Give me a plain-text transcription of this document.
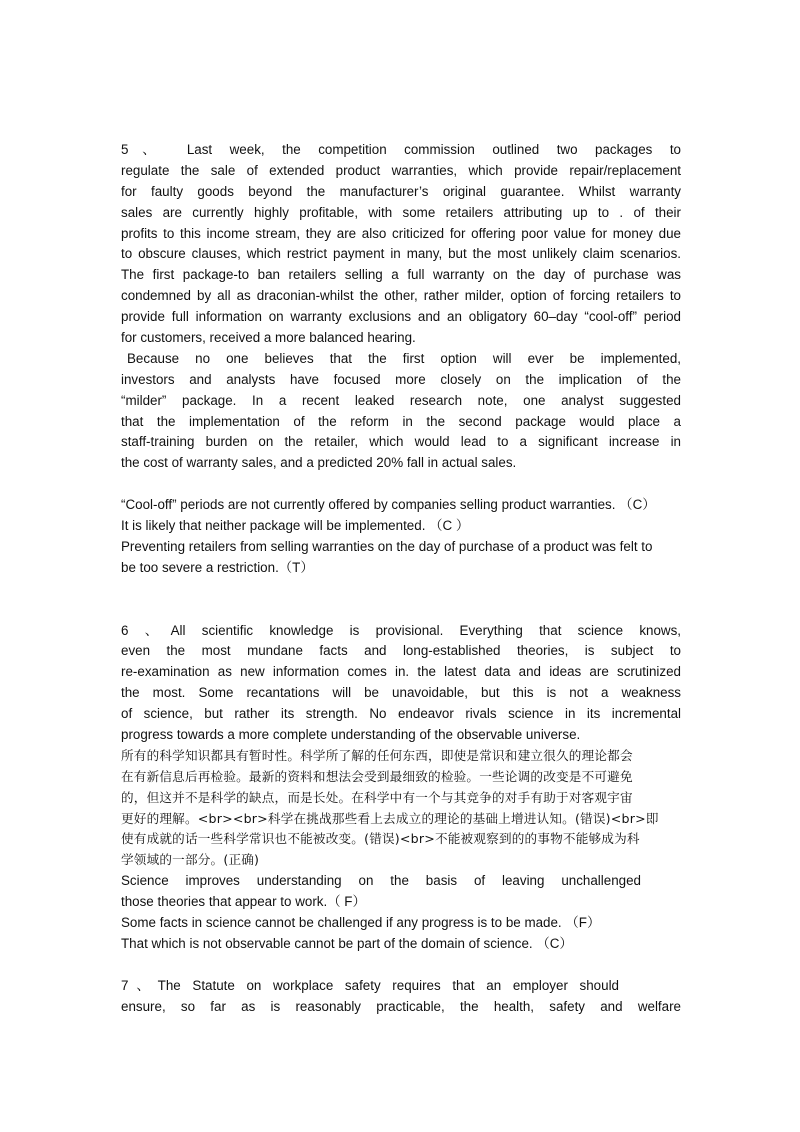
5、 Last week, the competition commission outlined two packages to
regulate the sale of extended product warranties, which provide repair/replacement
for faulty goods beyond the manufacturer’s original guarantee. Whilst warranty
sales are currently highly profitable, with some retailers attributing up to . of their
profits to this income stream, they are also criticized for offering poor value for money due
to obscure clauses, which restrict payment in many, but the most unlikely claim scenarios.
The first package-to ban retailers selling a full warranty on the day of purchase was
condemned by all as draconian-whilst the other, rather milder, option of forcing retailers to
provide full information on warranty exclusions and an obligatory 60–day “cool-off” period
for customers, received a more balanced hearing.
Because no one believes that the first option will ever be implemented,
investors and analysts have focused more closely on the implication of the
“milder” package. In a recent leaked research note, one analyst suggested
that the implementation of the reform in the second package would place a
staff-training burden on the retailer, which would lead to a significant increase in
the cost of warranty sales, and a predicted 20% fall in actual sales.
“Cool-off” periods are not currently offered by companies selling product warranties. （C）
It is likely that neither package will be implemented. （C ）
Preventing retailers from selling warranties on the day of purchase of a product was felt to
be too severe a restriction.（T）
6 、All scientific knowledge is provisional. Everything that science knows,
even the most mundane facts and long-established theories, is subject to
re-examination as new information comes in. the latest data and ideas are scrutinized
the most. Some recantations will be unavoidable, but this is not a weakness
of science, but rather its strength. No endeavor rivals science in its incremental
progress towards a more complete understanding of the observable universe.
所有的科学知识都具有暂时性。科学所了解的任何东西，即使是常识和建立很久的理论都会
在有新信息后再检验。最新的资料和想法会受到最细致的检验。一些论调的改变是不可避免
的，但这并不是科学的缺点，而是长处。在科学中有一个与其竞争的对手有助于对客观宇宙
更好的理解。<br><br>科学在挑战那些看上去成立的理论的基础上增进认知。(错误)<br>即
使有成就的话一些科学常识也不能被改变。(错误)<br>不能被观察到的的事物不能够成为科
学领域的一部分。(正确)
Science improves understanding on the basis of leaving unchallenged
those theories that appear to work.（ F）
Some facts in science cannot be challenged if any progress is to be made. （F）
That which is not observable cannot be part of the domain of science. （C）
7、The Statute on workplace safety requires that an employer should
ensure, so far as is reasonably practicable, the health, safety and welfare
